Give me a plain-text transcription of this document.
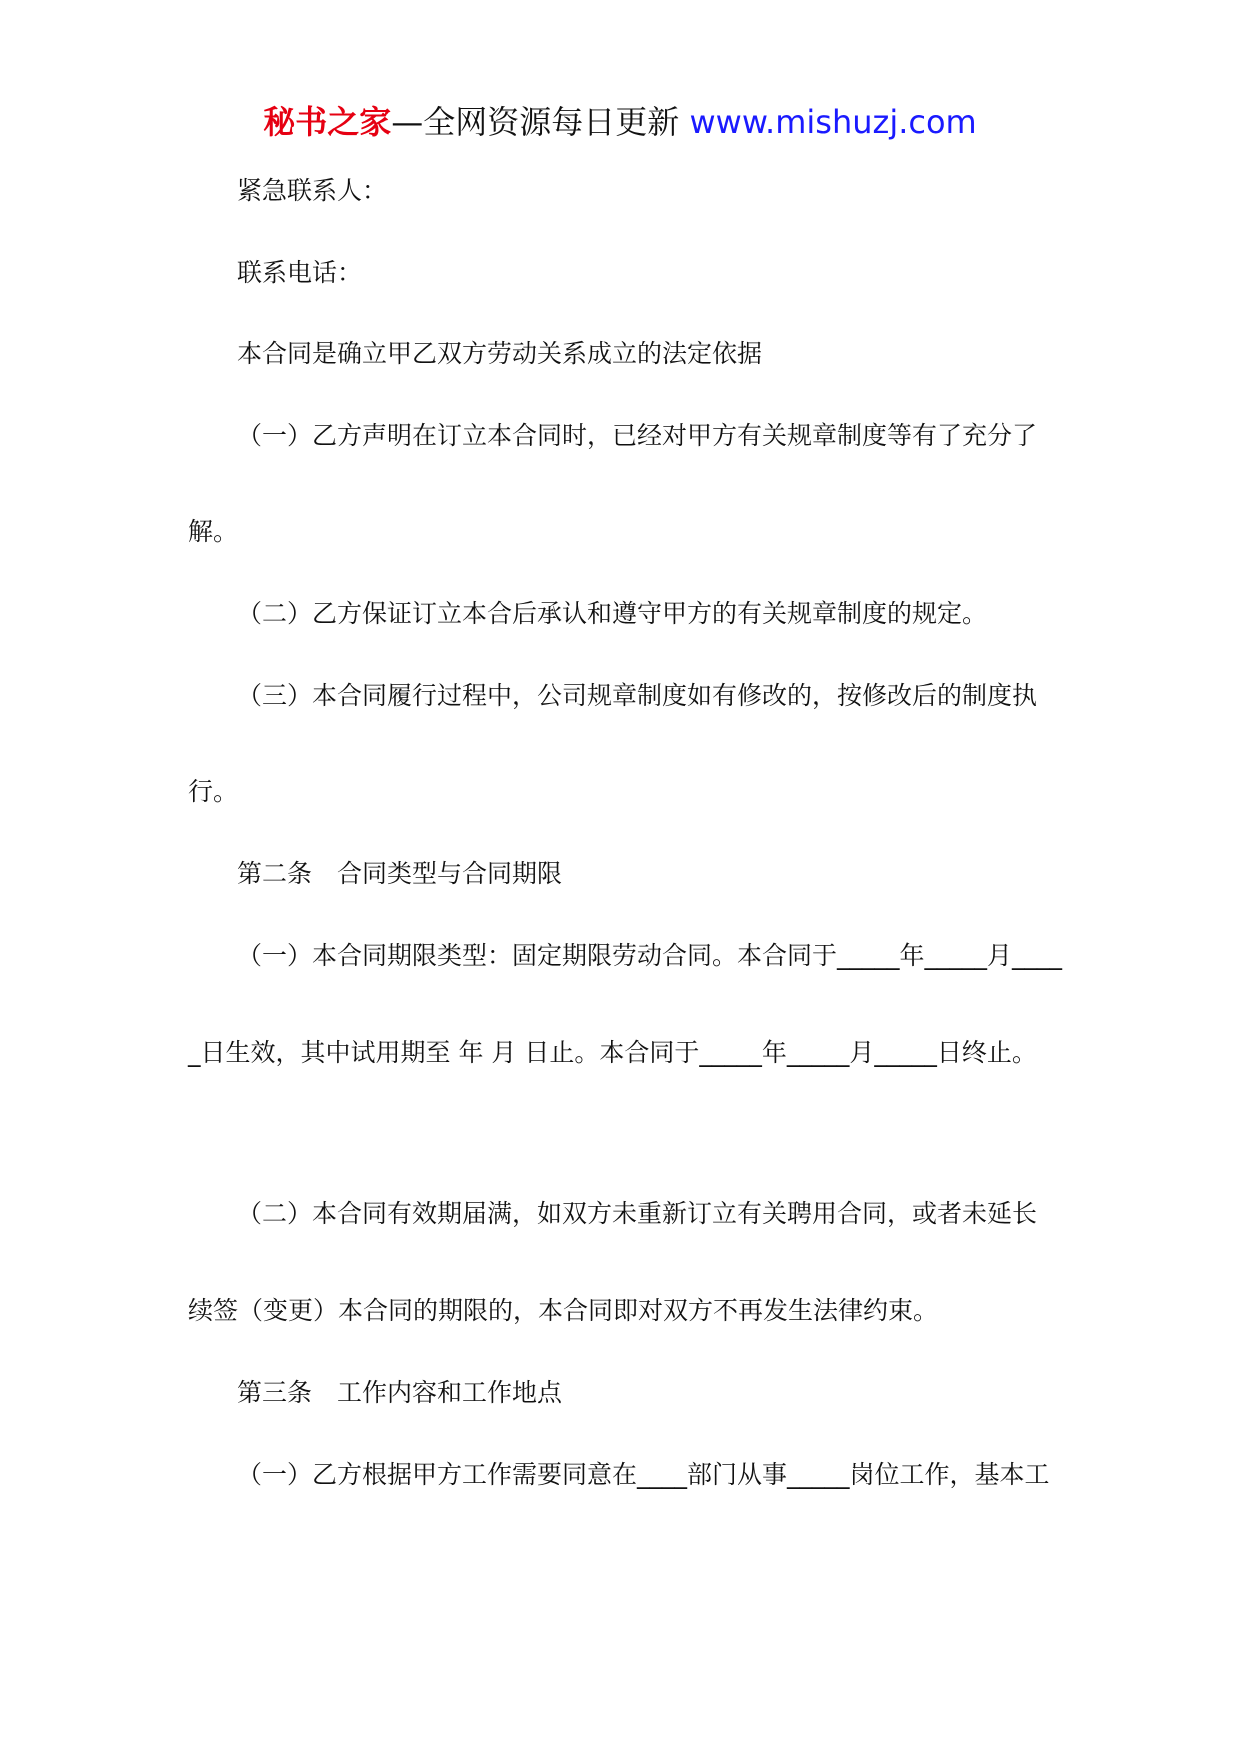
秘书之家—全网资源每日更新 www.mishuzj.com
紧急联系人：
联系电话：
本合同是确立甲乙双方劳动关系成立的法定依据
（一）乙方声明在订立本合同时，已经对甲方有关规章制度等有了充分了
解。
（二）乙方保证订立本合后承认和遵守甲方的有关规章制度的规定。
（三）本合同履行过程中，公司规章制度如有修改的，按修改后的制度执
行。
第二条　合同类型与合同期限
（一）本合同期限类型：固定期限劳动合同。本合同于_____年_____月____
_日生效，其中试用期至 年 月 日止。本合同于_____年_____月_____日终止。
（二）本合同有效期届满，如双方未重新订立有关聘用合同，或者未延长
续签（变更）本合同的期限的，本合同即对双方不再发生法律约束。
第三条　工作内容和工作地点
（一）乙方根据甲方工作需要同意在____部门从事_____岗位工作，基本工
